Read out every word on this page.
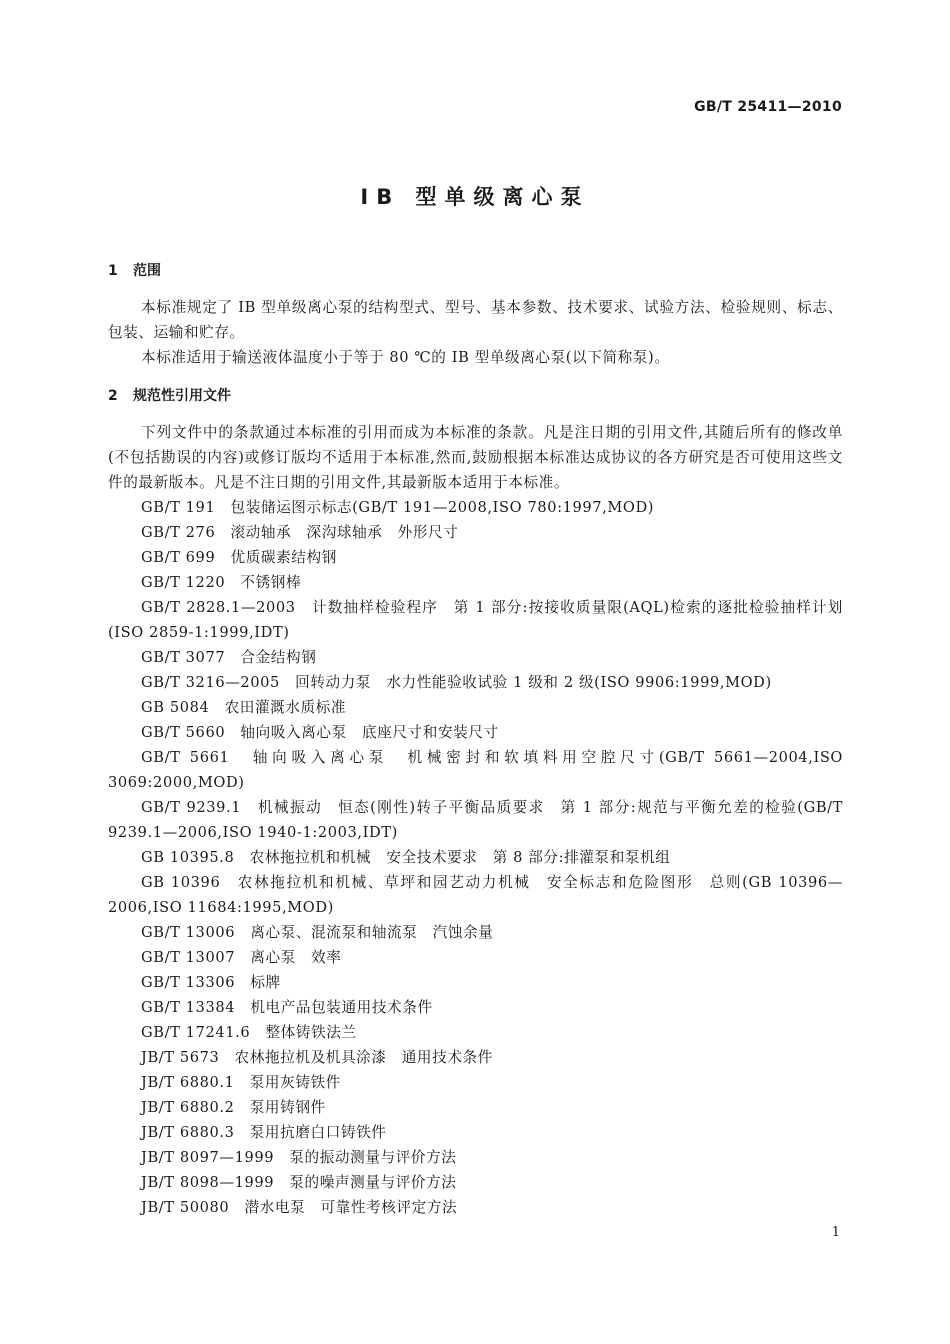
GB/T 25411—2010
IB 型单级离心泵
1 范围
本标准规定了 IB 型单级离心泵的结构型式、型号、基本参数、技术要求、试验方法、检验规则、标志、包装、运输和贮存。
本标准适用于输送液体温度小于等于 80 ℃的 IB 型单级离心泵(以下简称泵)。
2 规范性引用文件
下列文件中的条款通过本标准的引用而成为本标准的条款。凡是注日期的引用文件,其随后所有的修改单(不包括勘误的内容)或修订版均不适用于本标准,然而,鼓励根据本标准达成协议的各方研究是否可使用这些文件的最新版本。凡是不注日期的引用文件,其最新版本适用于本标准。
GB/T 191　 包装储运图示标志(GB/T 191—2008,ISO 780:1997,MOD)
GB/T 276　 滚动轴承　深沟球轴承　外形尺寸
GB/T 699　 优质碳素结构钢
GB/T 1220　 不锈钢棒
GB/T 2828.1—2003　 计数抽样检验程序　第 1 部分:按接收质量限(AQL)检索的逐批检验抽样计划(ISO 2859-1:1999,IDT)
GB/T 3077　 合金结构钢
GB/T 3216—2005　 回转动力泵　水力性能验收试验 1 级和 2 级(ISO 9906:1999,MOD)
GB 5084　 农田灌溉水质标准
GB/T 5660　 轴向吸入离心泵　底座尺寸和安装尺寸
GB/T 5661　 轴向吸入离心泵　机械密封和软填料用空腔尺寸(GB/T 5661—2004,ISO 3069:2000,MOD)
GB/T 9239.1　 机械振动　恒态(刚性)转子平衡品质要求　第 1 部分:规范与平衡允差的检验(GB/T 9239.1—2006,ISO 1940-1:2003,IDT)
GB 10395.8　 农林拖拉机和机械　安全技术要求　第 8 部分:排灌泵和泵机组
GB 10396　 农林拖拉机和机械、草坪和园艺动力机械　安全标志和危险图形　总则(GB 10396—2006,ISO 11684:1995,MOD)
GB/T 13006　 离心泵、混流泵和轴流泵　汽蚀余量
GB/T 13007　 离心泵　效率
GB/T 13306　 标牌
GB/T 13384　 机电产品包装通用技术条件
GB/T 17241.6　 整体铸铁法兰
JB/T 5673　 农林拖拉机及机具涂漆　通用技术条件
JB/T 6880.1　 泵用灰铸铁件
JB/T 6880.2　 泵用铸钢件
JB/T 6880.3　 泵用抗磨白口铸铁件
JB/T 8097—1999　 泵的振动测量与评价方法
JB/T 8098—1999　 泵的噪声测量与评价方法
JB/T 50080　 潜水电泵　可靠性考核评定方法
1
